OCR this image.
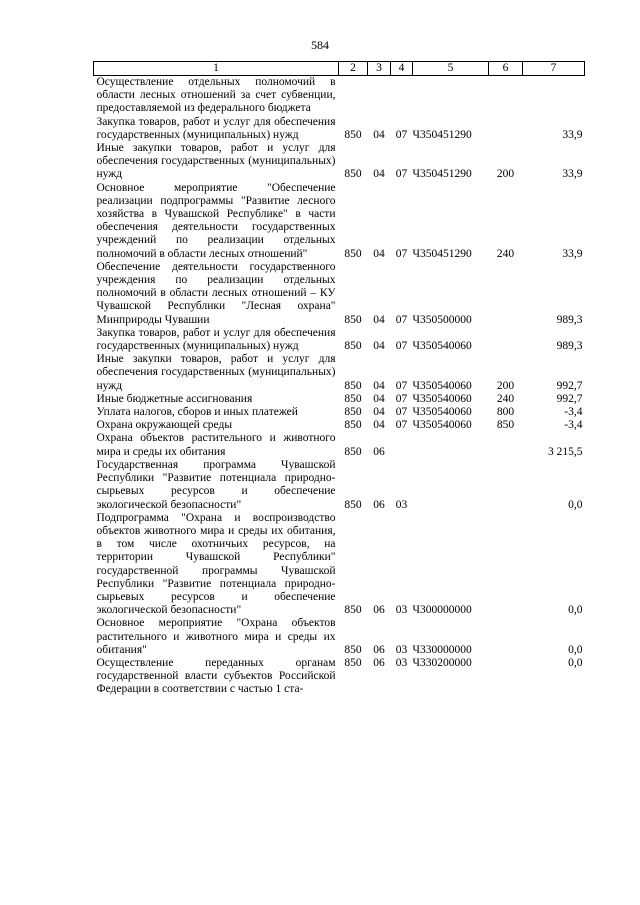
584
1	2	3	4	5	6	7
Осуществление отдельных полномочий в области лесных отношений за счет субвенции, предоставляемой из федерального бюджета						
Закупка товаров, работ и услуг для обеспечения государственных (муниципальных) нужд	850	04	07	Ч350451290		33,9
Иные закупки товаров, работ и услуг для обеспечения государственных (муниципальных) нужд	850	04	07	Ч350451290	200	33,9
Основное мероприятие "Обеспечение реализации подпрограммы "Развитие лесного хозяйства в Чувашской Республике" в части обеспечения деятельности государственных учреждений по реализации отдельных полномочий в области лесных отношений"	850	04	07	Ч350451290	240	33,9
Обеспечение деятельности государственного учреждения по реализации отдельных полномочий в области лесных отношений – КУ Чувашской Республики "Лесная охрана" Минприроды Чувашии	850	04	07	Ч350500000		989,3
Закупка товаров, работ и услуг для обеспечения государственных (муниципальных) нужд	850	04	07	Ч350540060		989,3
Иные закупки товаров, работ и услуг для обеспечения государственных (муниципальных) нужд	850	04	07	Ч350540060	200	992,7
Иные бюджетные ассигнования	850	04	07	Ч350540060	240	992,7
Уплата налогов, сборов и иных платежей	850	04	07	Ч350540060	800	-3,4
Охрана окружающей среды	850	04	07	Ч350540060	850	-3,4
Охрана объектов растительного и животного мира и среды их обитания	850	06				3 215,5
Государственная программа Чувашской Республики "Развитие потенциала природно-сырьевых ресурсов и обеспечение экологической безопасности"	850	06	03			0,0
Подпрограмма "Охрана и воспроизводство объектов животного мира и среды их обитания, в том числе охотничьих ресурсов, на территории Чувашской Республики" государственной программы Чувашской Республики "Развитие потенциала природно-сырьевых ресурсов и обеспечение экологической безопасности"	850	06	03	Ч300000000		0,0
Основное мероприятие "Охрана объектов растительного и животного мира и среды их обитания"	850	06	03	Ч330000000		0,0
Осуществление переданных органам государственной власти субъектов Российской Федерации в соответствии с частью 1 ста-	850	06	03	Ч330200000		0,0
